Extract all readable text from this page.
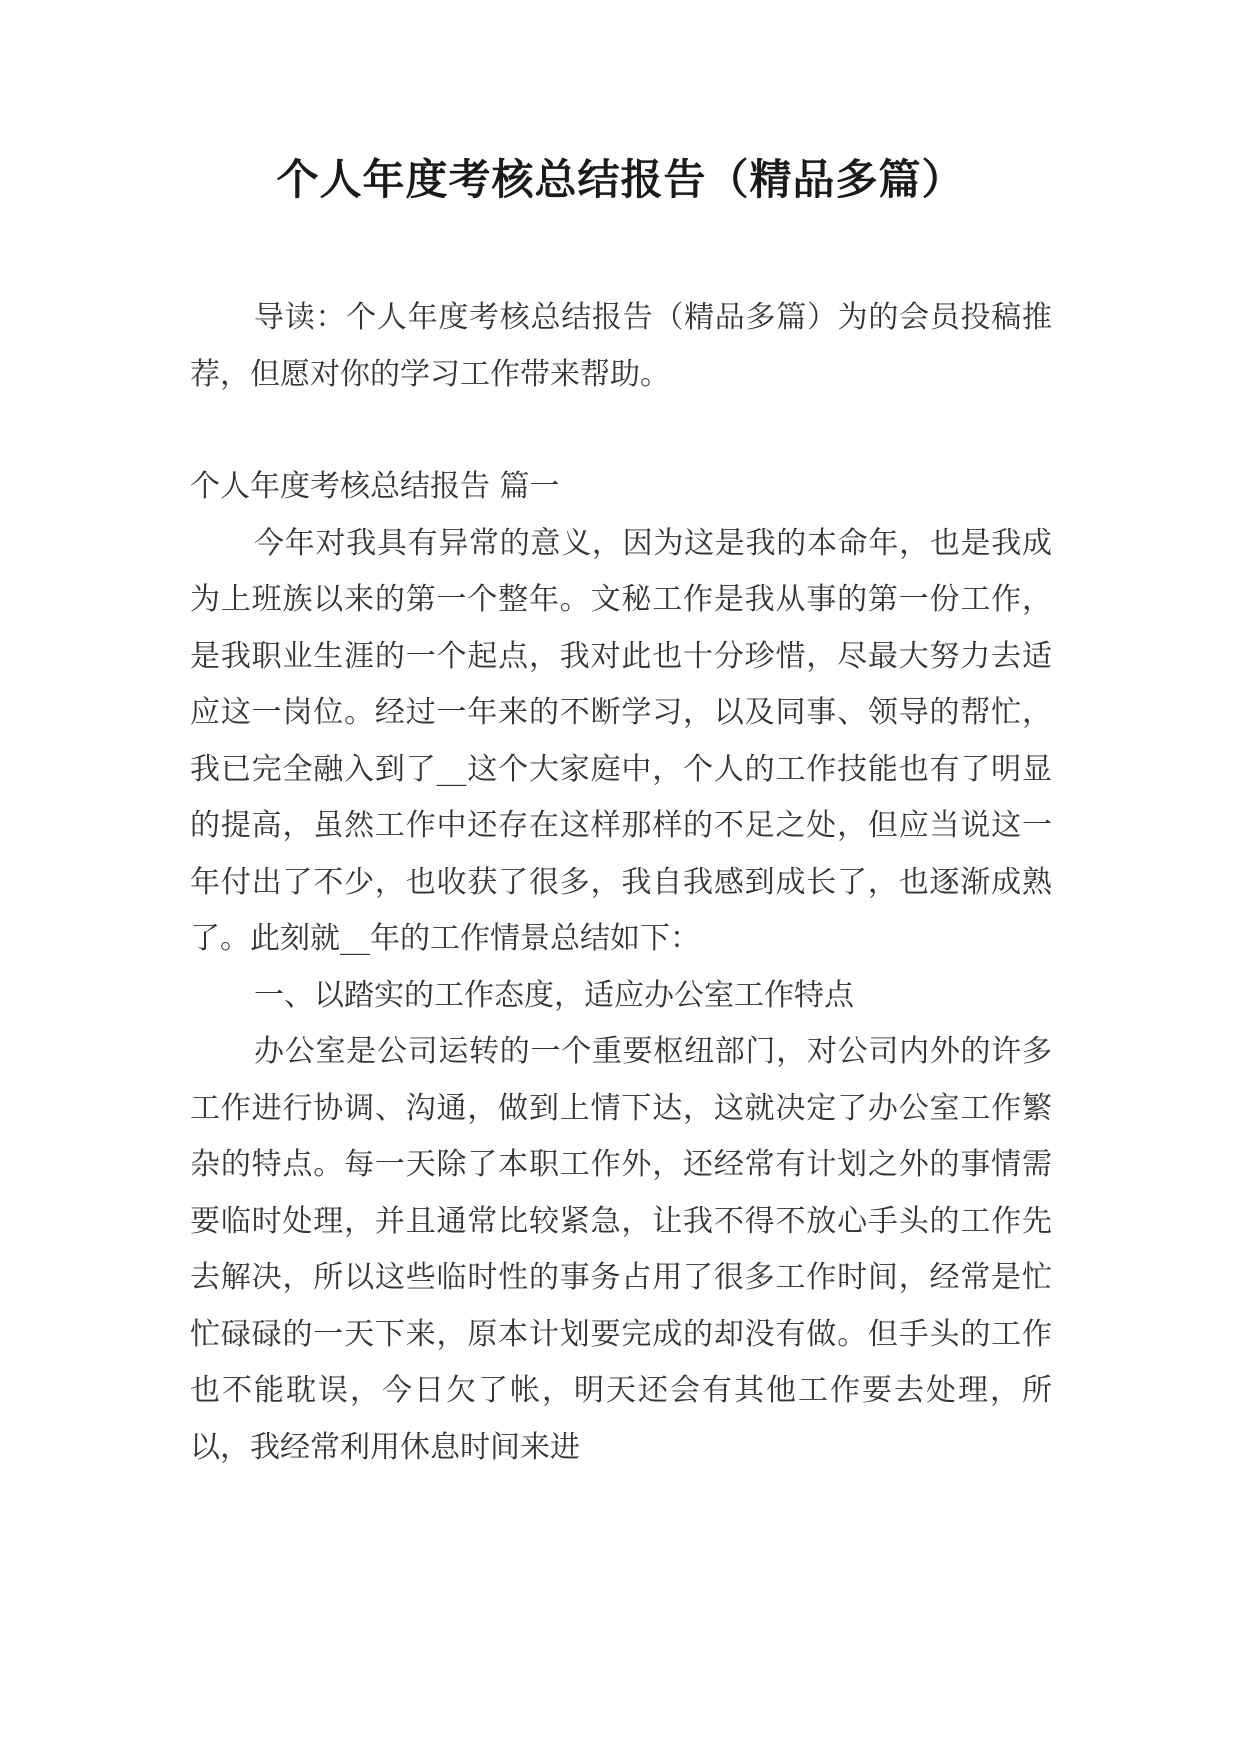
个人年度考核总结报告（精品多篇）

导读：个人年度考核总结报告（精品多篇）为的会员投稿推荐，但愿对你的学习工作带来帮助。

个人年度考核总结报告 篇一

今年对我具有异常的意义，因为这是我的本命年，也是我成为上班族以来的第一个整年。文秘工作是我从事的第一份工作，是我职业生涯的一个起点，我对此也十分珍惜，尽最大努力去适应这一岗位。经过一年来的不断学习，以及同事、领导的帮忙，我已完全融入到了__这个大家庭中，个人的工作技能也有了明显的提高，虽然工作中还存在这样那样的不足之处，但应当说这一年付出了不少，也收获了很多，我自我感到成长了，也逐渐成熟了。此刻就__年的工作情景总结如下：

一、以踏实的工作态度，适应办公室工作特点

办公室是公司运转的一个重要枢纽部门，对公司内外的许多工作进行协调、沟通，做到上情下达，这就决定了办公室工作繁杂的特点。每一天除了本职工作外，还经常有计划之外的事情需要临时处理，并且通常比较紧急，让我不得不放心手头的工作先去解决，所以这些临时性的事务占用了很多工作时间，经常是忙忙碌碌的一天下来，原本计划要完成的却没有做。但手头的工作也不能耽误，今日欠了帐，明天还会有其他工作要去处理，所以，我经常利用休息时间来进
